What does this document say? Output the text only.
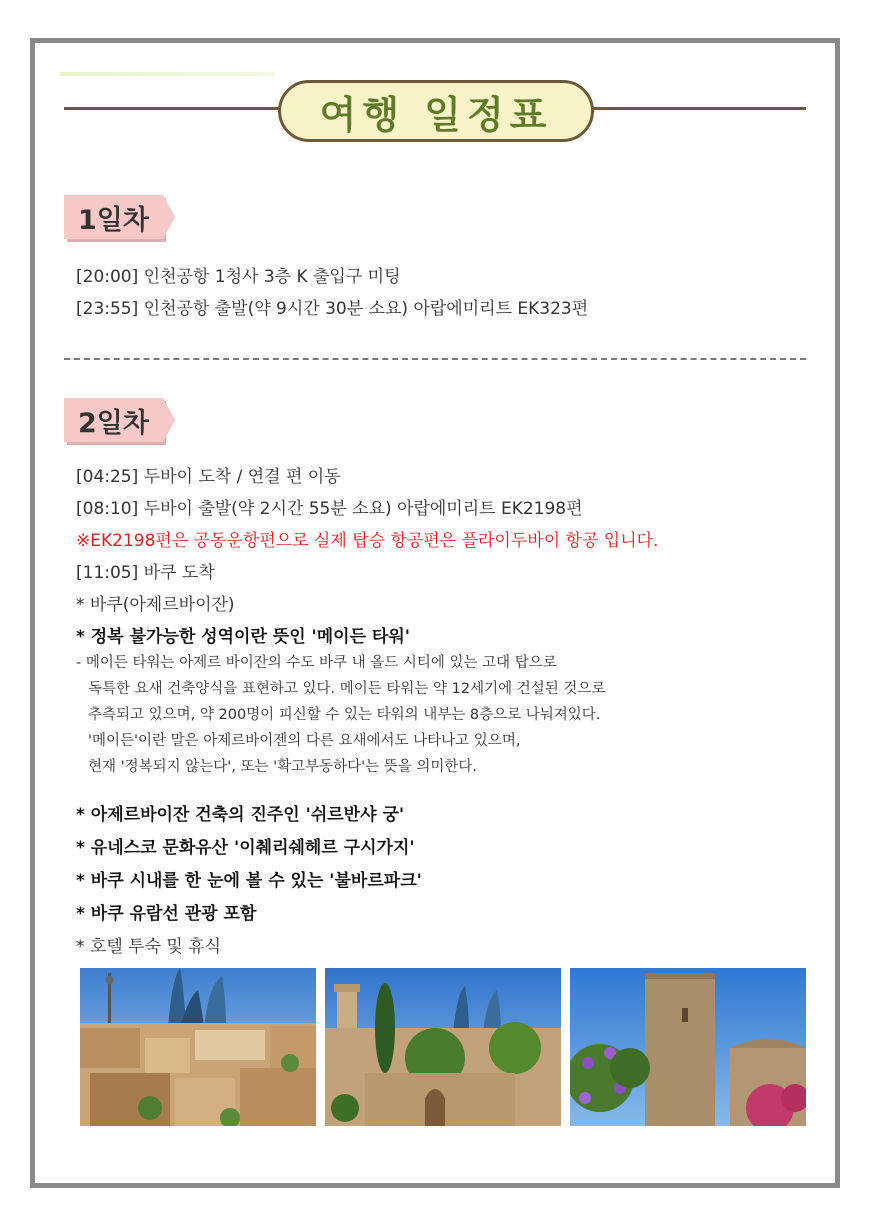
여행 일정표
1일차
[20:00] 인천공항 1청사 3층 K 출입구 미팅
[23:55] 인천공항 출발(약 9시간 30분 소요) 아랍에미리트 EK323편
2일차
[04:25] 두바이 도착 / 연결 편 이동
[08:10] 두바이 출발(약 2시간 55분 소요) 아랍에미리트 EK2198편
※EK2198편은 공동운항편으로 실제 탑승 항공편은 플라이두바이 항공 입니다.
[11:05] 바쿠 도착
* 바쿠(아제르바이잔)
* 정복 불가능한 성역이란 뜻인 '메이든 타워'
- 메이든 타워는 아제르 바이잔의 수도 바쿠 내 올드 시티에 있는 고대 탑으로
독특한 요새 건축양식을 표현하고 있다. 메이든 타워는 약 12세기에 건설된 것으로
추측되고 있으며, 약 200명이 피신할 수 있는 타워의 내부는 8층으로 나눠져있다.
'메이든'이란 말은 아제르바이젠의 다른 요새에서도 나타나고 있으며,
현재 '정복되지 않는다', 또는 '확고부동하다'는 뜻을 의미한다.
* 아제르바이잔 건축의 진주인 '쉬르반샤 궁'
* 유네스코 문화유산 '이췌리쉐헤르 구시가지'
* 바쿠 시내를 한 눈에 볼 수 있는 '불바르파크'
* 바쿠 유람선 관광 포함
* 호텔 투숙 및 휴식
